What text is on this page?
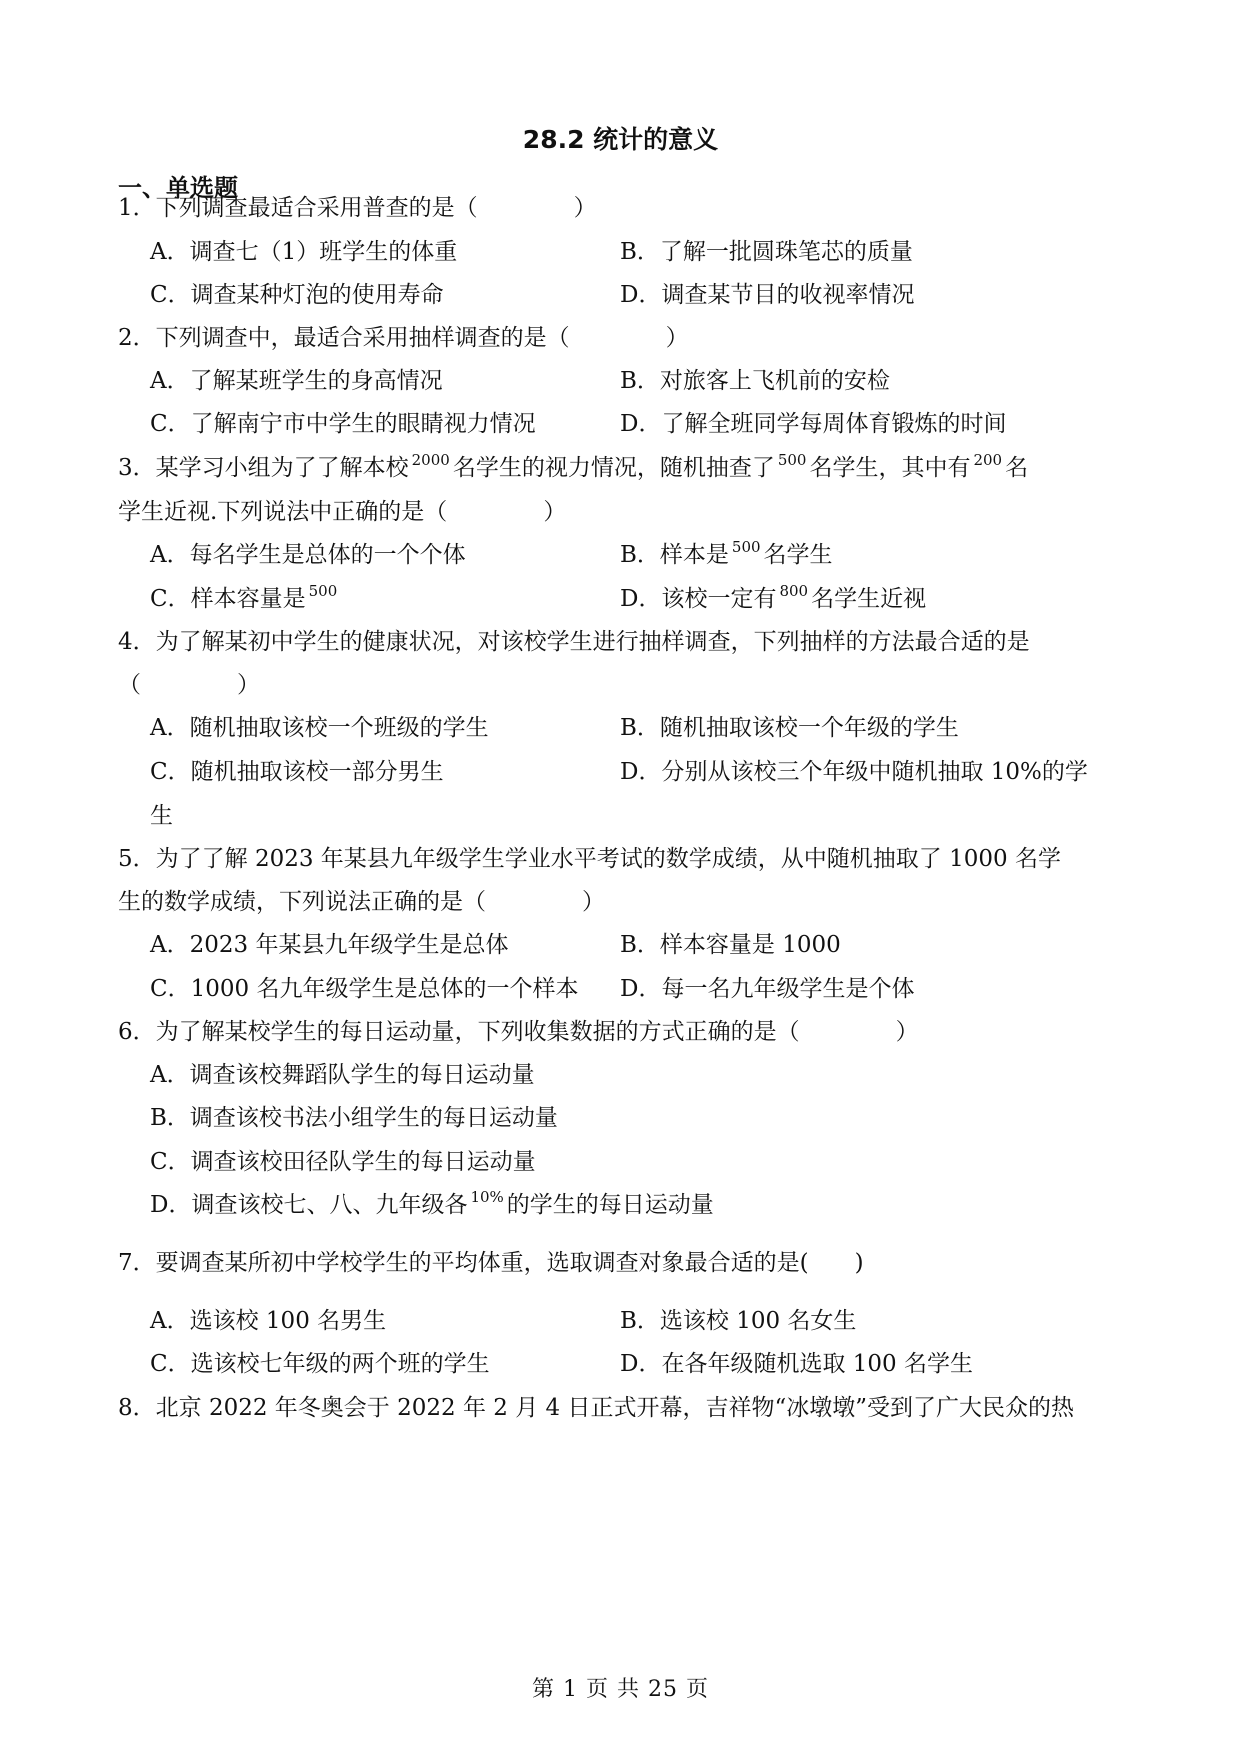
28.2 统计的意义
一、单选题
1．下列调查最适合采用普查的是（	）
A．调查七（1）班学生的体重	B．了解一批圆珠笔芯的质量
C．调查某种灯泡的使用寿命	D．调查某节目的收视率情况
2．下列调查中，最适合采用抽样调查的是（	）
A．了解某班学生的身高情况	B．对旅客上飞机前的安检
C．了解南宁市中学生的眼睛视力情况	D．了解全班同学每周体育锻炼的时间
3．某学习小组为了了解本校 $^{2000}$ 名学生的视力情况，随机抽查了 $^{500}$ 名学生，其中有 $^{200}$ 名
学生近视.下列说法中正确的是（	）
A．每名学生是总体的一个个体	B．样本是 $^{500}$ 名学生
C．样本容量是 $^{500}$	D．该校一定有 $^{800}$ 名学生近视
4．为了解某初中学生的健康状况，对该校学生进行抽样调查，下列抽样的方法最合适的是
（	）
A．随机抽取该校一个班级的学生	B．随机抽取该校一个年级的学生
C．随机抽取该校一部分男生	D．分别从该校三个年级中随机抽取 10%的学
生
5．为了了解 2023 年某县九年级学生学业水平考试的数学成绩，从中随机抽取了 1000 名学
生的数学成绩，下列说法正确的是（	）
A．2023 年某县九年级学生是总体	B．样本容量是 1000
C．1000 名九年级学生是总体的一个样本 D．每一名九年级学生是个体
6．为了解某校学生的每日运动量，下列收集数据的方式正确的是（	）
A．调查该校舞蹈队学生的每日运动量
B．调查该校书法小组学生的每日运动量
C．调查该校田径队学生的每日运动量
D．调查该校七、八、九年级各 $^{10\%}$ 的学生的每日运动量
7．要调查某所初中学校学生的平均体重，选取调查对象最合适的是( )
A．选该校 100 名男生	B．选该校 100 名女生
C．选该校七年级的两个班的学生	D．在各年级随机选取 100 名学生
8．北京 2022 年冬奥会于 2022 年 2 月 4 日正式开幕，吉祥物“冰墩墩”受到了广大民众的热
第 1 页 共 25 页
